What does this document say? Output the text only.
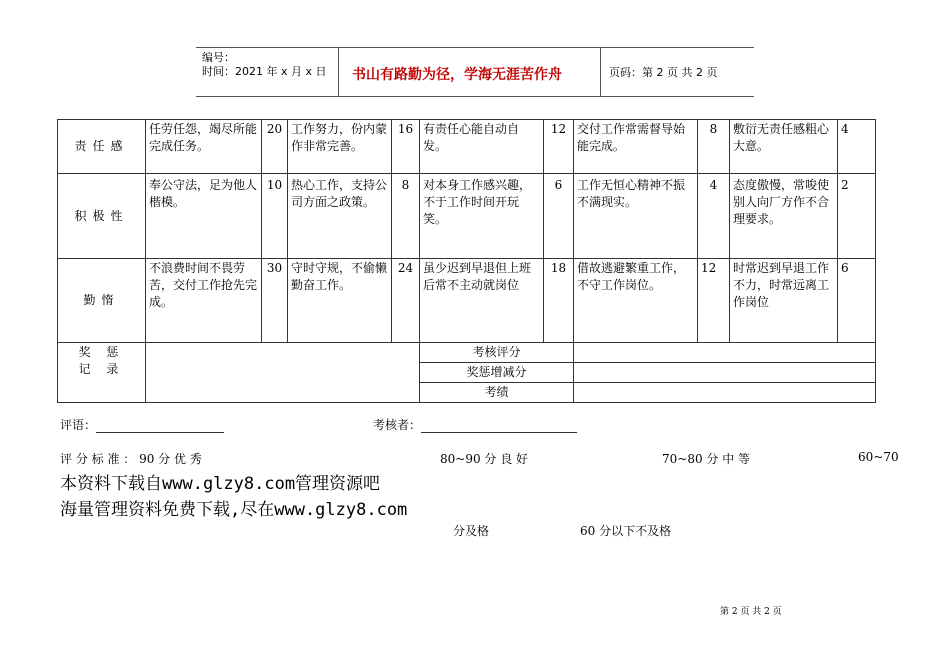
编号：
时间：2021 年 x 月 x 日 书山有路勤为径，学海无涯苦作舟	页码：第 2 页 共 2 页
责任感	任劳任怨，竭尽所能完成任务。	20	工作努力，份内蒙作非常完善。	16	有责任心能自动自发。	12	交付工作常需督导始能完成。	8	敷衍无责任感粗心大意。	4
积极性	奉公守法，足为他人楷模。	10	热心工作，支持公司方面之政策。	8	对本身工作感兴趣，不于工作时间开玩笑。	6	工作无恒心精神不振不满现实。	4	态度傲慢，常唆使别人向厂方作不合理要求。	2
勤惰	不浪费时间不畏劳苦，交付工作抢先完成。	30	守时守规，不偷懒勤奋工作。	24	虽少迟到早退但上班后常不主动就岗位	18	借故逃避繁重工作，不守工作岗位。	12	时常迟到早退工作不力，时常远离工作岗位	6

奖 惩
记 录					考核评分					
					奖惩增减分					
					考绩					
评语：	考核者：
评 分 标 准 ： 90 分 优 秀	80~90 分 良 好	70~80 分 中 等	60~70
本资料下载自www.glzy8.com管理资源吧
海量管理资料免费下载,尽在www.glzy8.com
分及格	60 分以下不及格
第 2 页 共 2 页
